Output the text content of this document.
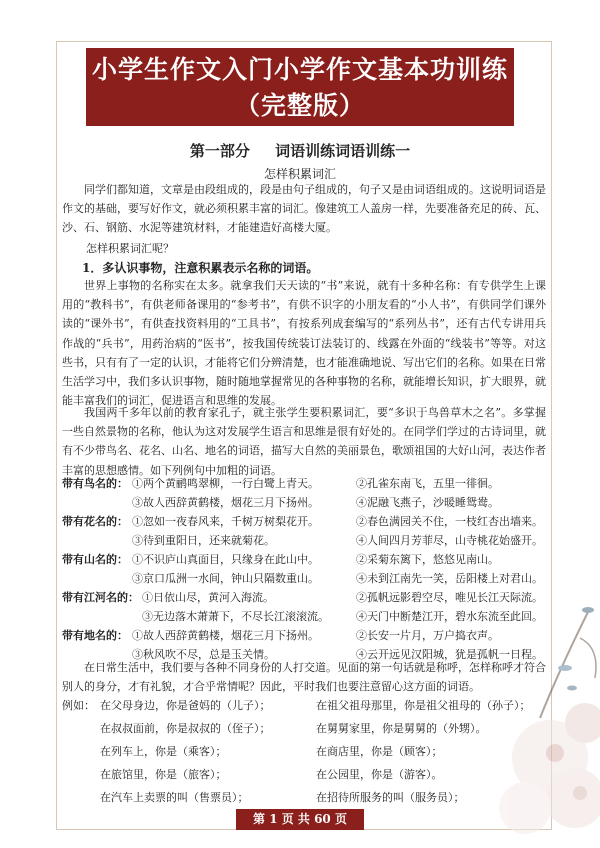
小学生作文入门小学作文基本功训练
（完整版）
第一部分 词语训练词语训练一
怎样积累词汇
同学们都知道，文章是由段组成的，段是由句子组成的，句子又是由词语组成的。这说明词语是作文的基础，要写好作文，就必须积累丰富的词汇。像建筑工人盖房一样，先要准备充足的砖、瓦、沙、石、钢筋、水泥等建筑材料，才能建造好高楼大厦。
怎样积累词汇呢？
1．多认识事物，注意积累表示名称的词语。
世界上事物的名称实在太多。就拿我们天天读的“书”来说，就有十多种名称：有专供学生上课用的“教科书”，有供老师备课用的“参考书”，有供不识字的小朋友看的“小人书”，有供同学们课外读的“课外书”，有供查找资料用的“工具书”，有按系列成套编写的“系列丛书”，还有古代专讲用兵作战的“兵书”，用药治病的“医书”，按我国传统装订法装订的、线露在外面的“线装书”等等。对这些书，只有有了一定的认识，才能将它们分辨清楚，也才能准确地说、写出它们的名称。如果在日常生活学习中，我们多认识事物，随时随地掌握常见的各种事物的名称，就能增长知识，扩大眼界，就能丰富我们的词汇，促进语言和思维的发展。
我国两千多年以前的教育家孔子，就主张学生要积累词汇，要“多识于鸟兽草木之名”。多掌握一些自然景物的名称，他认为这对发展学生语言和思维是很有好处的。在同学们学过的古诗词里，就有不少带鸟名、花名、山名、地名的词语，描写大自然的美丽景色，歌颂祖国的大好山河，表达作者丰富的思想感情。如下列例句中加粗的词语。
带有鸟名的： ①两个黄鹂鸣翠柳，一行白鹭上青天。	②孔雀东南飞，五里一徘徊。
③故人西辞黄鹤楼，烟花三月下扬州。	④泥融飞燕子，沙暖睡鸳鸯。
带有花名的： ①忽如一夜春风来，千树万树梨花开。	②春色满园关不住，一枝红杏出墙来。
③待到重阳日，还来就菊花。	④人间四月芳菲尽，山寺桃花始盛开。
带有山名的： ①不识庐山真面目，只缘身在此山中。	②采菊东篱下，悠悠见南山。
③京口瓜洲一水间，钟山只隔数重山。	④未到江南先一笑，岳阳楼上对君山。
带有江河名的： ①日依山尽，黄河入海流。	②孤帆远影碧空尽，唯见长江天际流。
③无边落木萧萧下，不尽长江滚滚流。 ④天门中断楚江开，碧水东流至此回。
带有地名的： ①故人西辞黄鹤楼，烟花三月下扬州。	②长安一片月，万户捣衣声。
③秋风吹不尽，总是玉关情。	④云开远见汉阳城，犹是孤帆一日程。
在日常生活中，我们要与各种不同身份的人打交道。见面的第一句话就是称呼，怎样称呼才符合别人的身分，才有礼貌，才合乎常情呢？因此，平时我们也要注意留心这方面的词语。
例如： 在父母身边，你是爸妈的（儿子）；	在祖父祖母那里，你是祖父祖母的（孙子）；
在叔叔面前，你是叔叔的（侄子）；	在舅舅家里，你是舅舅的（外甥）。
在列车上，你是（乘客）；	在商店里，你是（顾客）；
在旅馆里，你是（旅客）；	在公园里，你是（游客）。
在汽车上卖票的叫（售票员）；	在招待所服务的叫（服务员）；
第 1 页 共 60 页
